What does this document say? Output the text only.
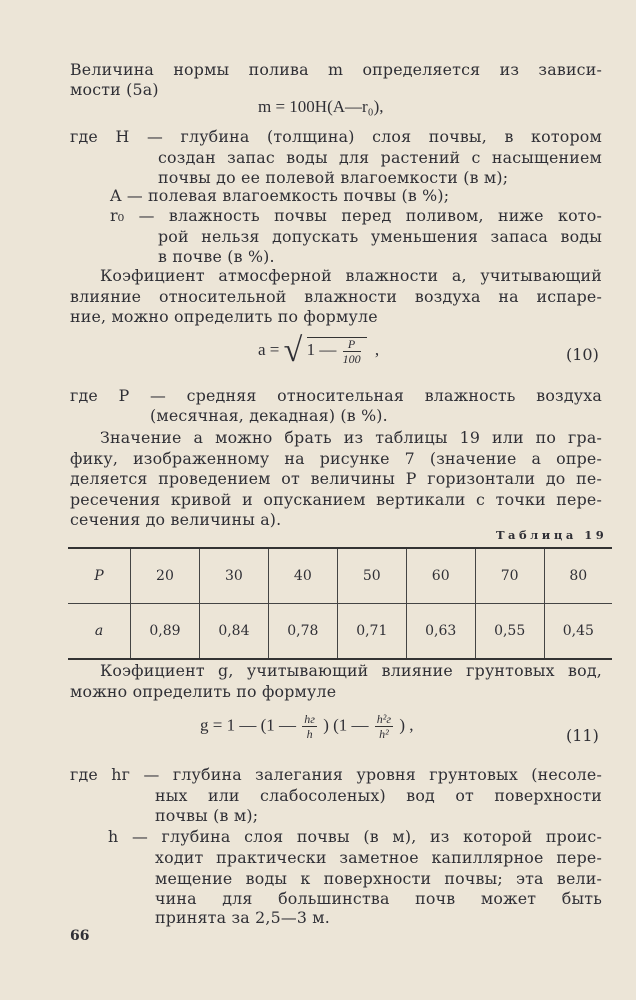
Величина нормы полива m определяется из зависи-
мости (5а)
m = 100H(A—r₀),
где H — глубина (толщина) слоя почвы, в котором
создан запас воды для растений с насыщением
почвы до ее полевой влагоемкости (в м);
A — полевая влагоемкость почвы (в %);
r₀ — влажность почвы перед поливом, ниже кото-
рой нельзя допускать уменьшения запаса воды
в почве (в %).
Коэфициент атмосферной влажности a, учитывающий
влияние относительной влажности воздуха на испаре-
ние, можно определить по формуле
a = √ 1 — $\frac{P}{100}$ ,	(10)
где P — средняя относительная влажность воздуха
(месячная, декадная) (в %).
Значение a можно брать из таблицы 19 или по гра-
фику, изображенному на рисунке 7 (значение a опре-
деляется проведением от величины P горизонтали до пе-
ресечения кривой и опусканием вертикали с точки пере-
сечения до величины a).
Таблица 19
P	20	30	40	50	60	70	80
a	0,89	0,84	0,78	0,71	0,63	0,55	0,45
Коэфициент g, учитывающий влияние грунтовых вод,
можно определить по формуле
g = 1 — (1 — $\frac{hг}{h}$ ) (1 — $\frac{\text{h²г}}{\text{h²}}$ ) ,
(11)
где hг — глубина залегания уровня грунтовых (несоле-
ных или слабосоленых) вод от поверхности
почвы (в м);
h — глубина слоя почвы (в м), из которой проис-
ходит практически заметное капиллярное пере-
мещение воды к поверхности почвы; эта вели-
чина для большинства почв может быть
принята за 2,5—3 м.
66
